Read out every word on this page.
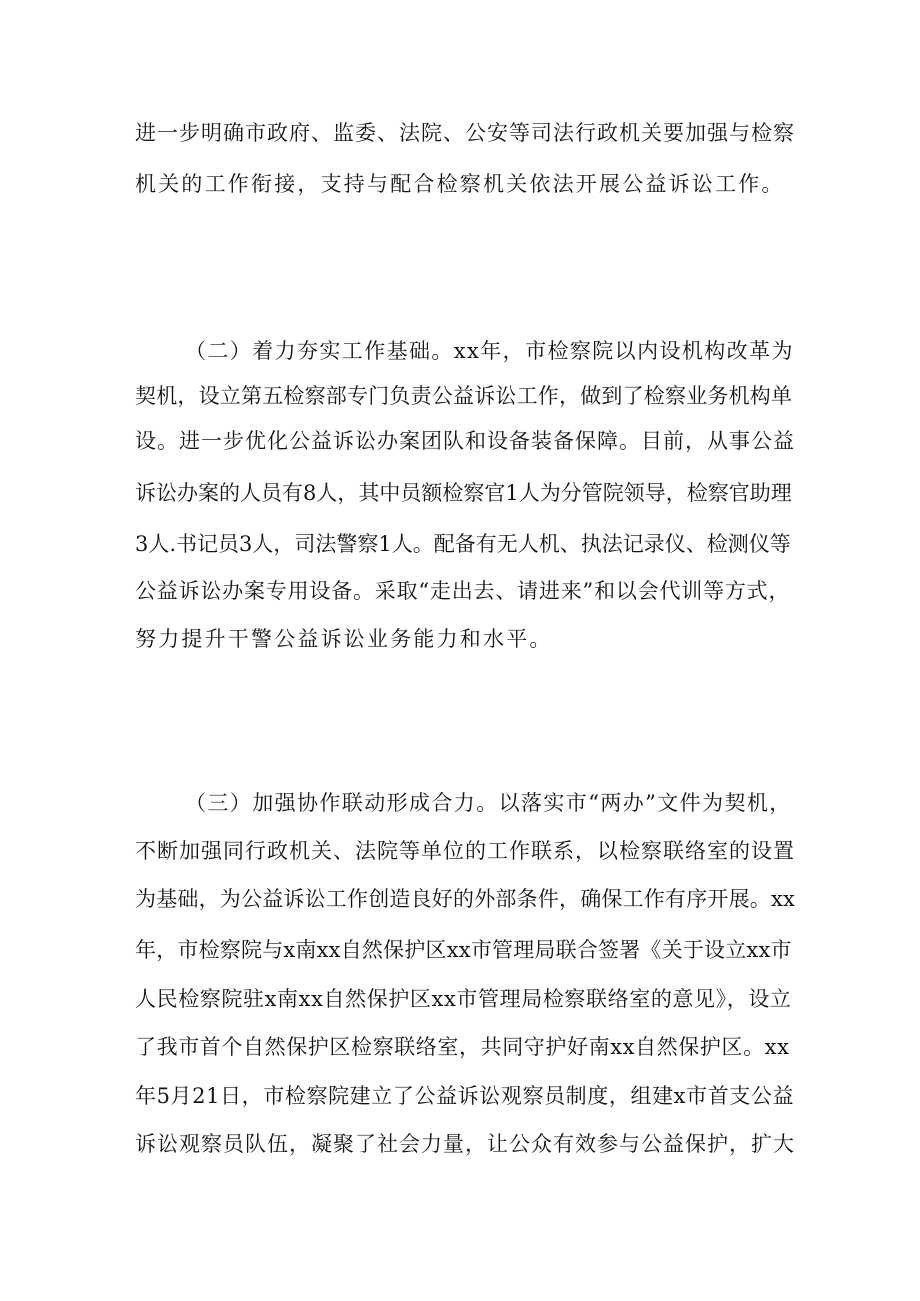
进一步明确市政府、监委、法院、公安等司法行政机关要加强与检察
机关的工作衔接，支持与配合检察机关依法开展公益诉讼工作。
（二）着力夯实工作基础。xx年，市检察院以内设机构改革为
契机，设立第五检察部专门负责公益诉讼工作，做到了检察业务机构单
设。进一步优化公益诉讼办案团队和设备装备保障。目前，从事公益
诉讼办案的人员有8人，其中员额检察官1人为分管院领导，检察官助理
3人.书记员3人，司法警察1人。配备有无人机、执法记录仪、检测仪等
公益诉讼办案专用设备。采取“走出去、请进来”和以会代训等方式，
努力提升干警公益诉讼业务能力和水平。
（三）加强协作联动形成合力。以落实市“两办”文件为契机，
不断加强同行政机关、法院等单位的工作联系，以检察联络室的设置
为基础，为公益诉讼工作创造良好的外部条件，确保工作有序开展。xx
年，市检察院与x南xx自然保护区xx市管理局联合签署《关于设立xx市
人民检察院驻x南xx自然保护区xx市管理局检察联络室的意见》，设立
了我市首个自然保护区检察联络室，共同守护好南xx自然保护区。xx
年5月21日，市检察院建立了公益诉讼观察员制度，组建x市首支公益
诉讼观察员队伍，凝聚了社会力量，让公众有效参与公益保护，扩大
